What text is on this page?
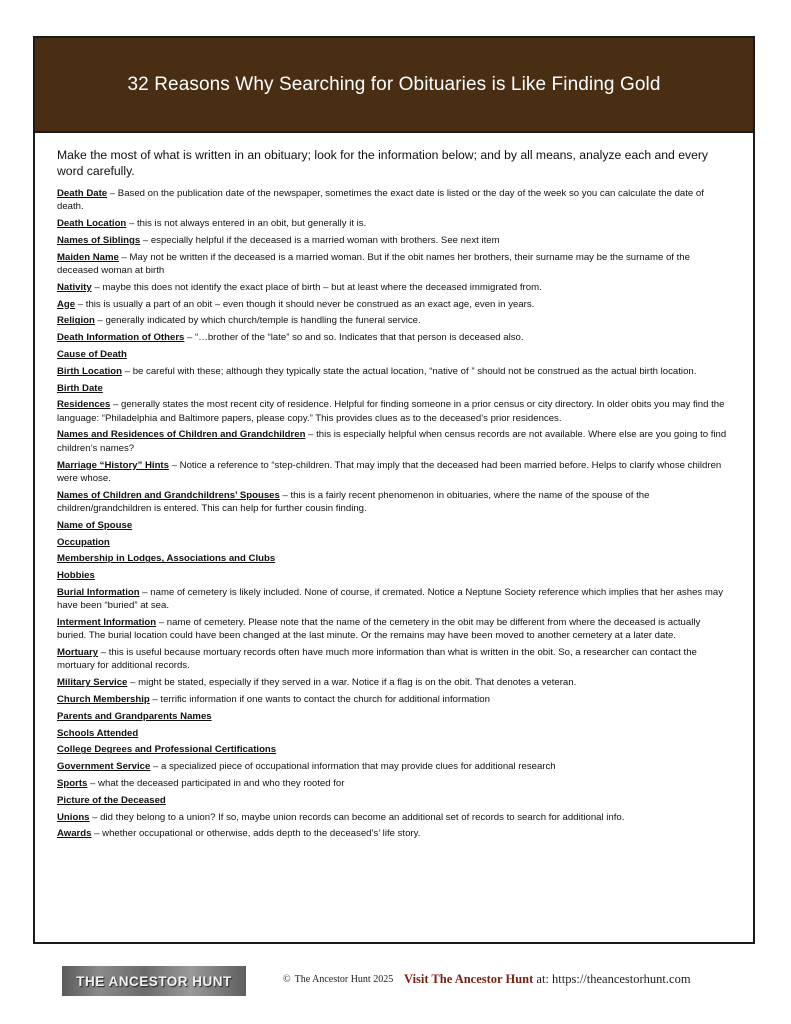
32 Reasons Why Searching for Obituaries is Like Finding Gold

Make the most of what is written in an obituary; look for the information below; and by all means, analyze each and every word carefully.

Death Date – Based on the publication date of the newspaper, sometimes the exact date is listed or the day of the week so you can calculate the date of death.

Death Location – this is not always entered in an obit, but generally it is.

Names of Siblings – especially helpful if the deceased is a married woman with brothers. See next item

Maiden Name – May not be written if the deceased is a married woman. But if the obit names her brothers, their surname may be the surname of the deceased woman at birth

Nativity – maybe this does not identify the exact place of birth – but at least where the deceased immigrated from.

Age – this is usually a part of an obit – even though it should never be construed as an exact age, even in years.

Religion – generally indicated by which church/temple is handling the funeral service.

Death Information of Others – “…brother of the “late” so and so. Indicates that that person is deceased also.

Cause of Death

Birth Location – be careful with these; although they typically state the actual location, “native of ” should not be construed as the actual birth location.

Birth Date

Residences – generally states the most recent city of residence. Helpful for finding someone in a prior census or city directory. In older obits you may find the language: “Philadelphia and Baltimore papers, please copy.” This provides clues as to the deceased’s prior residences.

Names and Residences of Children and Grandchildren – this is especially helpful when census records are not available. Where else are you going to find children’s names?

Marriage “History” Hints – Notice a reference to “step-children. That may imply that the deceased had been married before. Helps to clarify whose children were whose.

Names of Children and Grandchildrens’ Spouses – this is a fairly recent phenomenon in obituaries, where the name of the spouse of the children/grandchildren is entered. This can help for further cousin finding.

Name of Spouse

Occupation

Membership in Lodges, Associations and Clubs

Hobbies

Burial Information – name of cemetery is likely included. None of course, if cremated. Notice a Neptune Society reference which implies that her ashes may have been “buried” at sea.

Interment Information – name of cemetery. Please note that the name of the cemetery in the obit may be different from where the deceased is actually buried. The burial location could have been changed at the last minute. Or the remains may have been moved to another cemetery at a later date.

Mortuary – this is useful because mortuary records often have much more information than what is written in the obit. So, a researcher can contact the mortuary for additional records.

Military Service – might be stated, especially if they served in a war. Notice if a flag is on the obit. That denotes a veteran.

Church Membership – terrific information if one wants to contact the church for additional information

Parents and Grandparents Names

Schools Attended

College Degrees and Professional Certifications

Government Service – a specialized piece of occupational information that may provide clues for additional research

Sports – what the deceased participated in and who they rooted for

Picture of the Deceased

Unions – did they belong to a union? If so, maybe union records can become an additional set of records to search for additional info.

Awards – whether occupational or otherwise, adds depth to the deceased’s’ life story.

THE ANCESTOR HUNT	© The Ancestor Hunt 2025 Visit The Ancestor Hunt at: https://theancestorhunt.com
